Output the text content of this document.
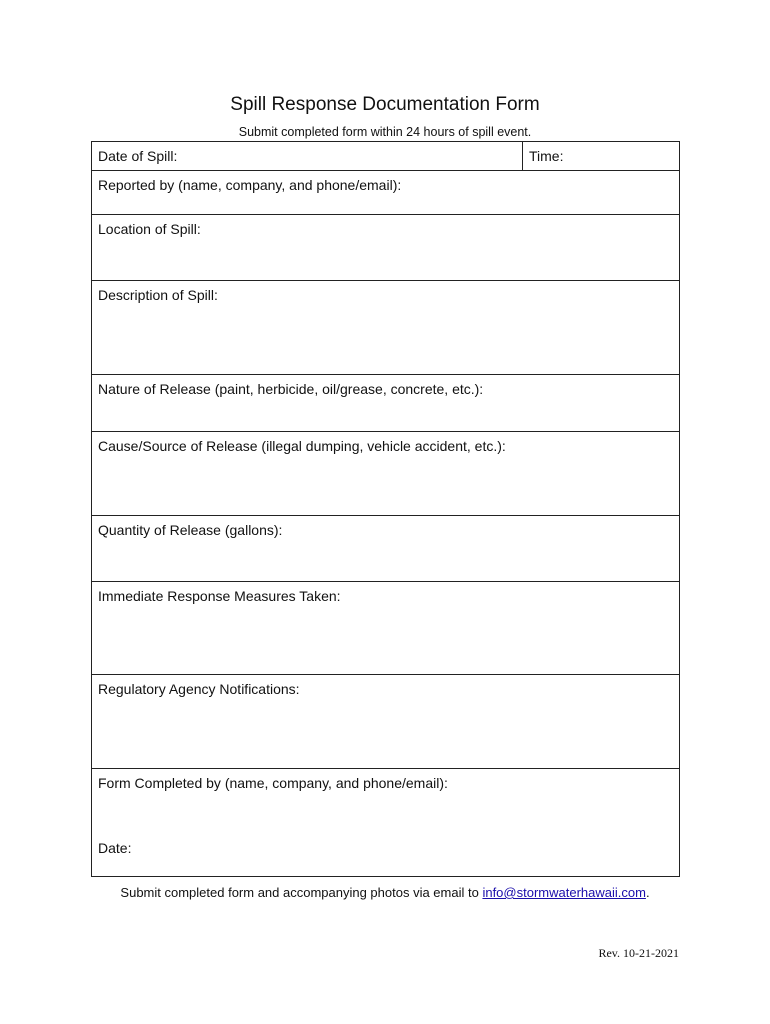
Spill Response Documentation Form
Submit completed form within 24 hours of spill event.
Date of Spill:	Time:
Reported by (name, company, and phone/email):
Location of Spill:
Description of Spill:
Nature of Release (paint, herbicide, oil/grease, concrete, etc.):
Cause/Source of Release (illegal dumping, vehicle accident, etc.):
Quantity of Release (gallons):
Immediate Response Measures Taken:
Regulatory Agency Notifications:
Form Completed by (name, company, and phone/email):
Date:
Submit completed form and accompanying photos via email to info@stormwaterhawaii.com.
Rev. 10-21-2021
